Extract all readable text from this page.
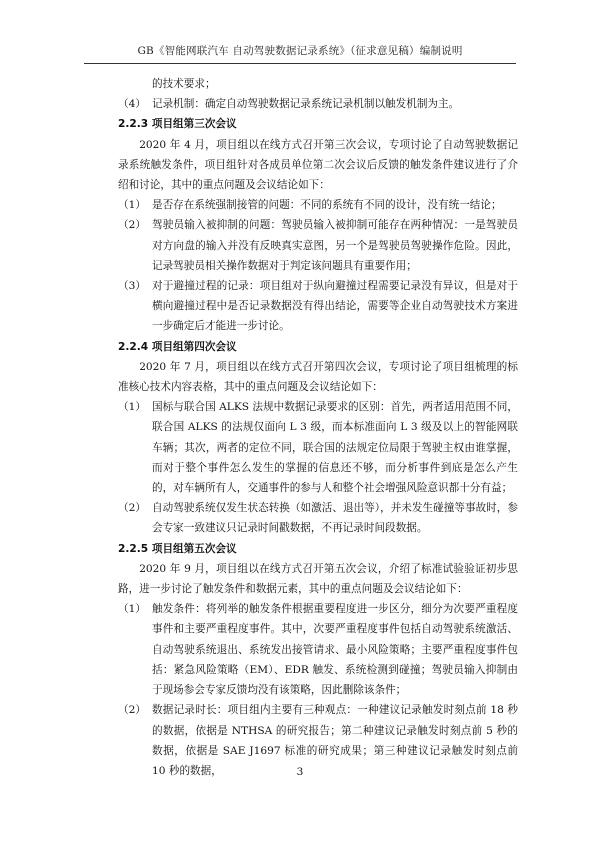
GB《智能网联汽车 自动驾驶数据记录系统》（征求意见稿）编制说明
的技术要求；
（4） 记录机制：确定自动驾驶数据记录系统记录机制以触发机制为主。

2.2.3 项目组第三次会议

2020 年 4 月，项目组以在线方式召开第三次会议，专项讨论了自动驾驶数据记录系统触发条件，项目组针对各成员单位第二次会议后反馈的触发条件建议进行了介绍和讨论，其中的重点问题及会议结论如下：

（1） 是否存在系统强制接管的问题：不同的系统有不同的设计，没有统一结论；
（2） 驾驶员输入被抑制的问题：驾驶员输入被抑制可能存在两种情况：一是驾驶员对方向盘的输入并没有反映真实意图，另一个是驾驶员驾驶操作危险。因此，记录驾驶员相关操作数据对于判定该问题具有重要作用；
（3） 对于避撞过程的记录：项目组对于纵向避撞过程需要记录没有异议，但是对于横向避撞过程中是否记录数据没有得出结论，需要等企业自动驾驶技术方案进一步确定后才能进一步讨论。

2.2.4 项目组第四次会议

2020 年 7 月，项目组以在线方式召开第四次会议，专项讨论了项目组梳理的标准核心技术内容表格，其中的重点问题及会议结论如下：

（1） 国标与联合国 ALKS 法规中数据记录要求的区别：首先，两者适用范围不同，联合国 ALKS 的法规仅面向 L 3 级，而本标准面向 L 3 级及以上的智能网联车辆；其次，两者的定位不同，联合国的法规定位局限于驾驶主权由谁掌握，而对于整个事件怎么发生的掌握的信息还不够，而分析事件到底是怎么产生的，对车辆所有人，交通事件的参与人和整个社会增强风险意识都十分有益；
（2） 自动驾驶系统仅发生状态转换（如激活、退出等），并未发生碰撞等事故时，参会专家一致建议只记录时间戳数据，不再记录时间段数据。

2.2.5 项目组第五次会议

2020 年 9 月，项目组以在线方式召开第五次会议，介绍了标准试验验证初步思路，进一步讨论了触发条件和数据元素，其中的重点问题及会议结论如下：

（1） 触发条件：将列举的触发条件根据重要程度进一步区分，细分为次要严重程度事件和主要严重程度事件。其中，次要严重程度事件包括自动驾驶系统激活、自动驾驶系统退出、系统发出接管请求、最小风险策略；主要严重程度事件包括：紧急风险策略（EM）、EDR 触发、系统检测到碰撞；驾驶员输入抑制由于现场参会专家反馈均没有该策略，因此删除该条件；
（2） 数据记录时长：项目组内主要有三种观点：一种建议记录触发时刻点前 18 秒的数据，依据是 NTHSA 的研究报告；第二种建议记录触发时刻点前 5 秒的数据，依据是 SAE J1697 标准的研究成果；第三种建议记录触发时刻点前 10 秒的数据，	3
